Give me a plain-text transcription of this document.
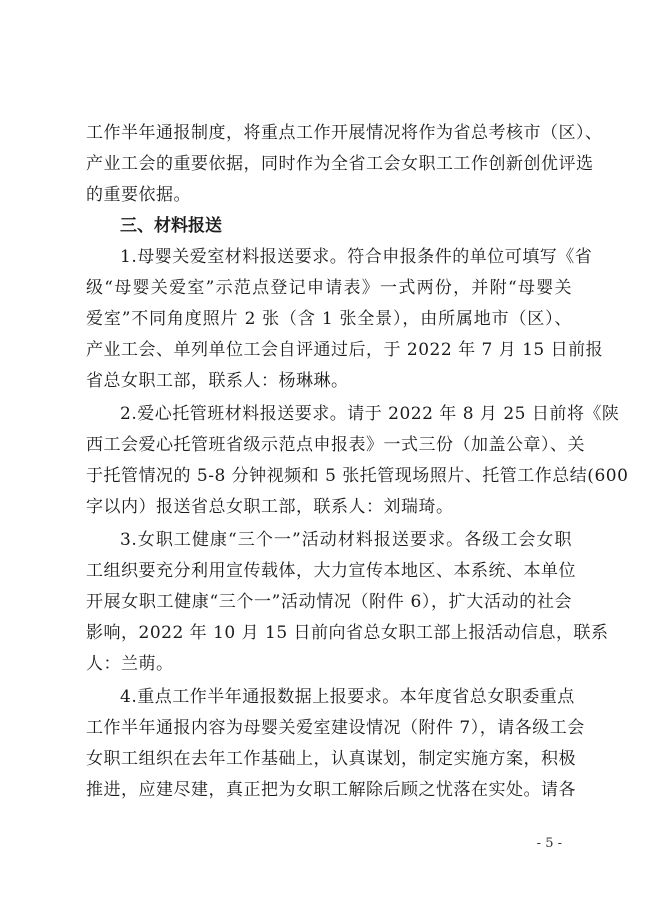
工作半年通报制度，将重点工作开展情况将作为省总考核市（区）、
产业工会的重要依据，同时作为全省工会女职工工作创新创优评选
的重要依据。
三、材料报送
1.母婴关爱室材料报送要求。符合申报条件的单位可填写《省
级“母婴关爱室”示范点登记申请表》一式两份，并附“母婴关
爱室”不同角度照片 2 张（含 1 张全景），由所属地市（区）、
产业工会、单列单位工会自评通过后，于 2022 年 7 月 15 日前报
省总女职工部，联系人：杨琳琳。
2.爱心托管班材料报送要求。请于 2022 年 8 月 25 日前将《陕
西工会爱心托管班省级示范点申报表》一式三份（加盖公章）、关
于托管情况的 5-8 分钟视频和 5 张托管现场照片、托管工作总结(600
字以内）报送省总女职工部，联系人：刘瑞琦。
3.女职工健康“三个一”活动材料报送要求。各级工会女职
工组织要充分利用宣传载体，大力宣传本地区、本系统、本单位
开展女职工健康“三个一”活动情况（附件 6），扩大活动的社会
影响，2022 年 10 月 15 日前向省总女职工部上报活动信息，联系
人：兰萌。
4.重点工作半年通报数据上报要求。本年度省总女职委重点
工作半年通报内容为母婴关爱室建设情况（附件 7），请各级工会
女职工组织在去年工作基础上，认真谋划，制定实施方案，积极
推进，应建尽建，真正把为女职工解除后顾之忧落在实处。请各
- 5 -
